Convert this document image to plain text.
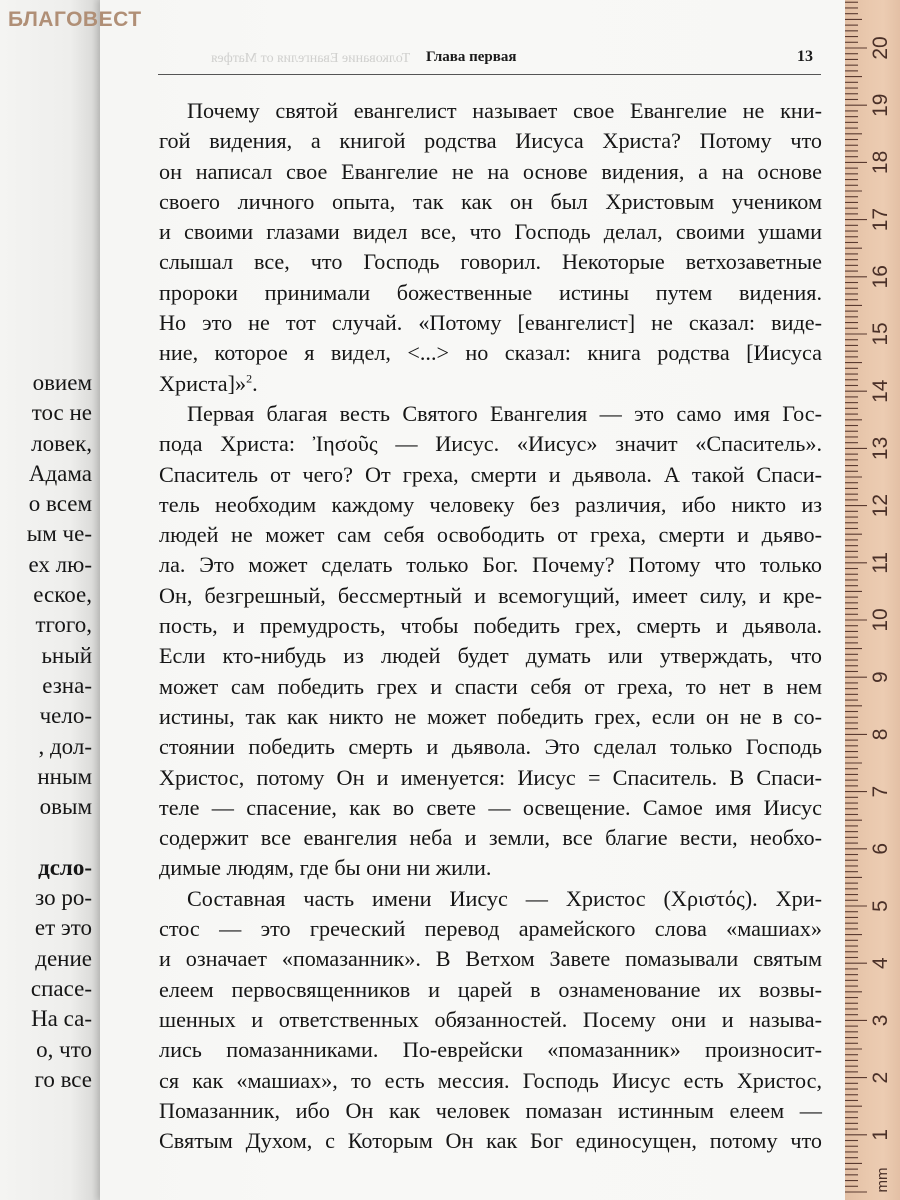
овием
тос не
ловек,
Адама
о всем
ым че-
ех лю-
еское,
тгого,
ьный
езна-
чело-
, дол-
нным
овым
дсло-
зо ро-
ет это
дение
спасе-
На са-
о, что
го все
Толкование Евангелия от Матфея Глава первая	13
Почему святой евангелист называет свое Евангелие не кни-
гой видения, а книгой родства Иисуса Христа? Потому что
он написал свое Евангелие не на основе видения, а на основе
своего личного опыта, так как он был Христовым учеником
и своими глазами видел все, что Господь делал, своими ушами
слышал все, что Господь говорил. Некоторые ветхозаветные
пророки принимали божественные истины путем видения.
Но это не тот случай. «Потому [евангелист] не сказал: виде-
ние, которое я видел, <...> но сказал: книга родства [Иисуса
Христа]»$^2$.
Первая благая весть Святого Евангелия — это само имя Гос-
пода Христа: Ἰησοῦς — Иисус. «Иисус» значит «Спаситель».
Спаситель от чего? От греха, смерти и дьявола. А такой Спаси-
тель необходим каждому человеку без различия, ибо никто из
людей не может сам себя освободить от греха, смерти и дьяво-
ла. Это может сделать только Бог. Почему? Потому что только
Он, безгрешный, бессмертный и всемогущий, имеет силу, и кре-
пость, и премудрость, чтобы победить грех, смерть и дьявола.
Если кто-нибудь из людей будет думать или утверждать, что
может сам победить грех и спасти себя от греха, то нет в нем
истины, так как никто не может победить грех, если он не в со-
стоянии победить смерть и дьявола. Это сделал только Господь
Христос, потому Он и именуется: Иисус = Спаситель. В Спаси-
теле — спасение, как во свете — освещение. Самое имя Иисус
содержит все евангелия неба и земли, все благие вести, необхо-
димые людям, где бы они ни жили.
Составная часть имени Иисус — Христос (Χριστός). Хри-
стос — это греческий перевод арамейского слова «машиах»
и означает «помазанник». В Ветхом Завете помазывали святым
елеем первосвященников и царей в ознаменование их возвы-
шенных и ответственных обязанностей. Посему они и называ-
лись помазанниками. По-еврейски «помазанник» произносит-
ся как «машиах», то есть мессия. Господь Иисус есть Христос,
Помазанник, ибо Он как человек помазан истинным елеем —
Святым Духом, с Которым Он как Бог единосущен, потому что 1
2
3
4
5
6
7
8
9
10
11
12
13
14
15
16
17
18
19
20
mm
БЛАГОВЕСТ
